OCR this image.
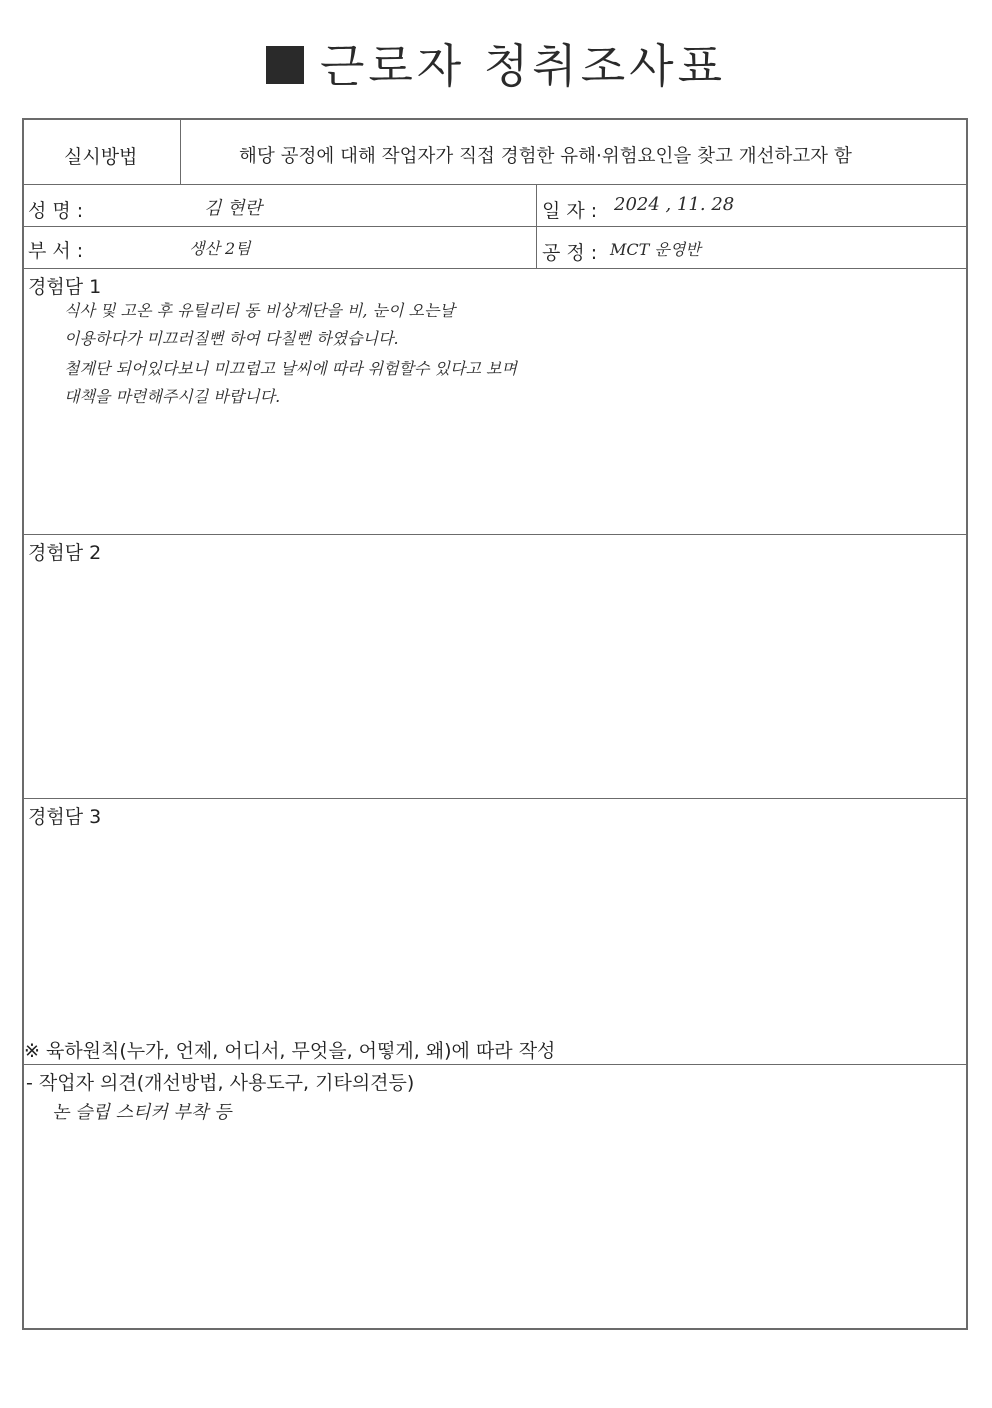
근로자 청취조사표
실시방법	해당 공정에 대해 작업자가 직접 경험한 유해·위험요인을 찾고 개선하고자 함
성 명 :	김 현란	일 자 : 2024 , 11. 28
부 서 :	생산 2팀	공 정 : MCT 운영반
경험담 1
식사 및 고온 후 유틸리티 동 비상계단을 비, 눈이 오는날
이용하다가 미끄러질뻔 하여 다칠뻔 하였습니다.
철계단 되어있다보니 미끄럽고 날씨에 따라 위험할수 있다고 보며
대책을 마련해주시길 바랍니다.
경험담 2
경험담 3
※ 육하원칙(누가, 언제, 어디서, 무엇을, 어떻게, 왜)에 따라 작성
- 작업자 의견(개선방법, 사용도구, 기타의견등)
논 슬립 스티커 부착 등
